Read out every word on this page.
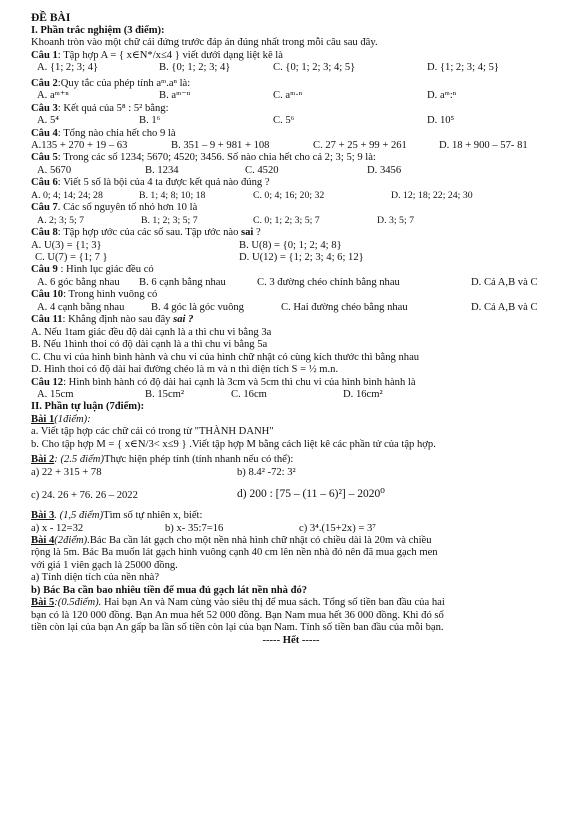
ĐỀ BÀI
I. Phần trắc nghiệm (3 điểm):
Khoanh tròn vào một chữ cái đứng trước đáp án đúng nhất trong mỗi câu sau đây.
Câu 1: Tập hợp A = { x∈N*/x≤4 } viết dưới dạng liệt kê là
A. {1; 2; 3; 4}	B. {0; 1; 2; 3; 4}	C. {0; 1; 2; 3; 4; 5}	D. {1; 2; 3; 4; 5}
Câu 2:Quy tắc của phép tính aᵐ.aⁿ là:
A. aᵐ⁺ⁿ	B. aᵐ⁻ⁿ	C. aᵐ·ⁿ	D. aᵐ:ⁿ
Câu 3: Kết quả của 5⁸ : 5² bằng:
A. 5⁴	B. 1⁶	C. 5⁶	D. 10⁵
Câu 4: Tổng nào chia hết cho 9 là
A.135 + 270 + 19 – 63	B. 351 – 9 + 981 + 108	C. 27 + 25 + 99 + 261	D. 18 + 900 – 57- 81
Câu 5: Trong các số 1234; 5670; 4520; 3456. Số nào chia hết cho cả 2; 3; 5; 9 là:
A. 5670	B. 1234	C. 4520	D. 3456
Câu 6: Viết 5 số là bội của 4 ta được kết quả nào đúng ?
A. 0; 4; 14; 24; 28	B. 1; 4; 8; 10; 18	C. 0; 4; 16; 20; 32	D. 12; 18; 22; 24; 30
Câu 7. Các số nguyên tố nhỏ hơn 10 là
A. 2; 3; 5; 7	B. 1; 2; 3; 5; 7	C. 0; 1; 2; 3; 5; 7	D. 3; 5; 7
Câu 8: Tập hợp ước của các số sau. Tập ước nào sai ?
A. U(3) = {1; 3}	B. U(8) = {0; 1; 2; 4; 8}
C. U(7) = {1; 7 }	D. U(12) = {1; 2; 3; 4; 6; 12}
Câu 9 : Hình lục giác đều có
A. 6 góc bằng nhau B. 6 cạnh bằng nhau	C. 3 đường chéo chính bằng nhau	D. Cả A,B và C
Câu 10: Trong hình vuông có
A. 4 cạnh bằng nhau	B. 4 góc là góc vuông	C. Hai đường chéo bằng nhau	D. Cả A,B và C
Câu 11: Khẳng định nào sau đây sai ?
A. Nếu 1tam giác đều độ dài cạnh là a thì chu vi bằng 3a
B. Nếu 1hình thoi có độ dài cạnh là a thì chu vi bằng 5a
C. Chu vi của hình bình hành và chu vi của hình chữ nhật có cùng kích thước thì bằng nhau
D. Hình thoi có độ dài hai đường chéo là m và n thì diện tích S = ½ m.n.
Câu 12: Hình bình hành có độ dài hai cạnh là 3cm và 5cm thì chu vi của hình bình hành là
A. 15cm	B. 15cm²	C. 16cm	D. 16cm²
II. Phần tự luận (7điểm):
Bài 1(1điểm):
a. Viết tập hợp các chữ cái có trong từ "THÀNH DANH"
b. Cho tập hợp M = { x∈N/3< x≤9 } .Viết tập hợp M bằng cách liệt kê các phần tử của tập hợp.
Bài 2: (2.5 điểm)Thực hiện phép tính (tính nhanh nếu có thể):
a) 22 + 315 + 78	b) 8.4² -72: 3²
c) 24. 26 + 76. 26 – 2022	d) 200 : [75 – (11 – 6)²] – 2020⁰
Bài 3. (1,5 điểm)Tìm số tự nhiên x, biết:
a) x - 12=32	b) x- 35:7=16	c) 3⁴.(15+2x) = 3⁷
Bài 4(2điểm).Bác Ba cần lát gạch cho một nền nhà hình chữ nhật có chiều dài là 20m và chiều
rộng là 5m. Bác Ba muốn lát gạch hình vuông cạnh 40 cm lên nền nhà đó nên đã mua gạch men
với giá 1 viên gạch là 25000 đồng.
a) Tính diện tích của nền nhà?
b) Bác Ba cần bao nhiêu tiền để mua đủ gạch lát nền nhà đó?
Bài 5:(0.5điểm). Hai bạn An và Nam cùng vào siêu thị để mua sách. Tổng số tiền ban đầu của hai
bạn có là 120 000 đồng. Bạn An mua hết 52 000 đồng. Bạn Nam mua hết 36 000 đồng. Khi đó số
tiền còn lại của bạn An gấp ba lần số tiền còn lại của bạn Nam. Tính số tiền ban đầu của mỗi bạn.
----- Hết -----
